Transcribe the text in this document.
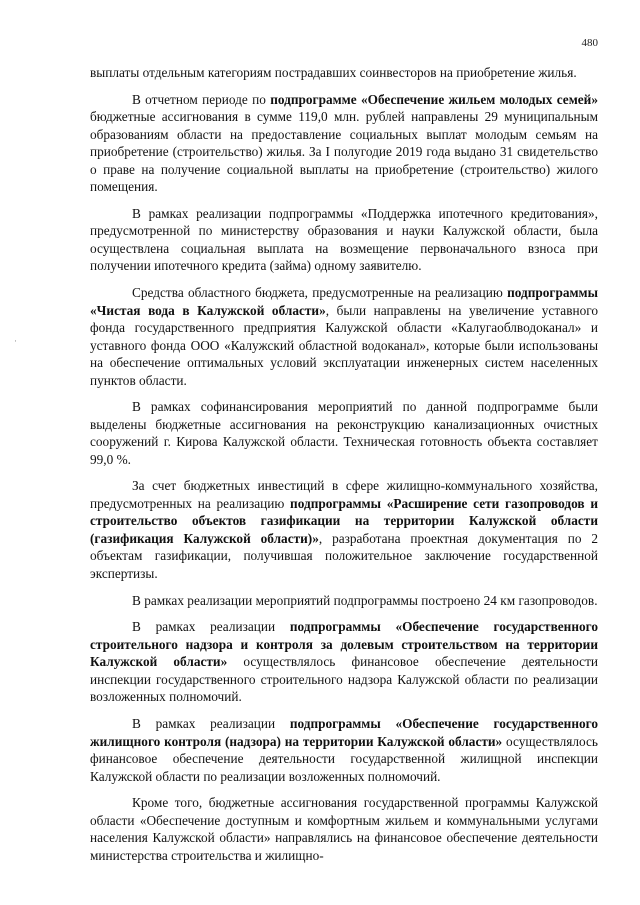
480
·

выплаты отдельным категориям пострадавших соинвесторов на приобретение жилья.

В отчетном периоде по подпрограмме «Обеспечение жильем молодых семей» бюджетные ассигнования в сумме 119,0 млн. рублей направлены 29 муниципальным образованиям области на предоставление социальных выплат молодым семьям на приобретение (строительство) жилья. За I полугодие 2019 года выдано 31 свидетельство о праве на получение социальной выплаты на приобретение (строительство) жилого помещения.

В рамках реализации подпрограммы «Поддержка ипотечного кредитования», предусмотренной по министерству образования и науки Калужской области, была осуществлена социальная выплата на возмещение первоначального взноса при получении ипотечного кредита (займа) одному заявителю.

Средства областного бюджета, предусмотренные на реализацию подпрограммы «Чистая вода в Калужской области», были направлены на увеличение уставного фонда государственного предприятия Калужской области «Калугаоблводоканал» и уставного фонда ООО «Калужский областной водоканал», которые были использованы на обеспечение оптимальных условий эксплуатации инженерных систем населенных пунктов области.

В рамках софинансирования мероприятий по данной подпрограмме были выделены бюджетные ассигнования на реконструкцию канализационных очистных сооружений г. Кирова Калужской области. Техническая готовность объекта составляет 99,0 %.

За счет бюджетных инвестиций в сфере жилищно-коммунального хозяйства, предусмотренных на реализацию подпрограммы «Расширение сети газопроводов и строительство объектов газификации на территории Калужской области (газификация Калужской области)», разработана проектная документация по 2 объектам газификации, получившая положительное заключение государственной экспертизы.

В рамках реализации мероприятий подпрограммы построено 24 км газопроводов.

В рамках реализации подпрограммы «Обеспечение государственного строительного надзора и контроля за долевым строительством на территории Калужской области» осуществлялось финансовое обеспечение деятельности инспекции государственного строительного надзора Калужской области по реализации возложенных полномочий.

В рамках реализации подпрограммы «Обеспечение государственного жилищного контроля (надзора) на территории Калужской области» осуществлялось финансовое обеспечение деятельности государственной жилищной инспекции Калужской области по реализации возложенных полномочий.

Кроме того, бюджетные ассигнования государственной программы Калужской области «Обеспечение доступным и комфортным жильем и коммунальными услугами населения Калужской области» направлялись на финансовое обеспечение деятельности министерства строительства и жилищно-
